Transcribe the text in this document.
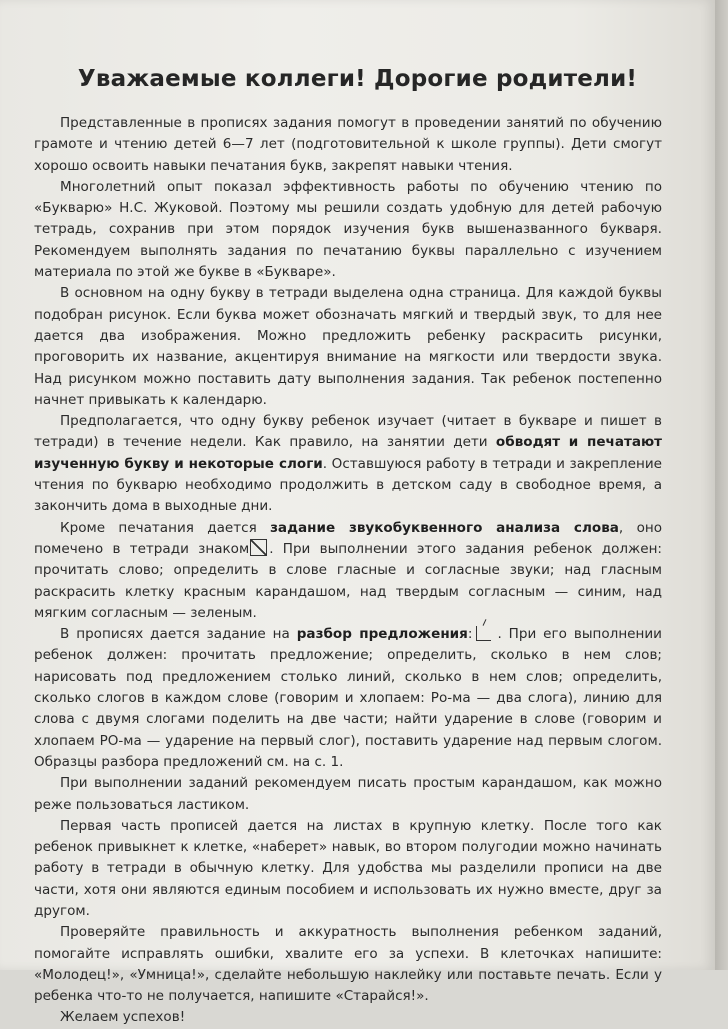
Уважаемые коллеги! Дорогие родители!

Представленные в прописях задания помогут в проведении занятий по обучению грамоте и чтению детей 6—7 лет (подготовительной к школе группы). Дети смогут хорошо освоить навыки печатания букв, закрепят навыки чтения.

Многолетний опыт показал эффективность работы по обучению чтению по «Букварю» Н.С. Жуковой. Поэтому мы решили создать удобную для детей рабочую тетрадь, сохранив при этом порядок изучения букв вышеназванного букваря. Рекомендуем выполнять задания по печатанию буквы параллельно с изучением материала по этой же букве в «Букваре».

В основном на одну букву в тетради выделена одна страница. Для каждой буквы подобран рисунок. Если буква может обозначать мягкий и твердый звук, то для нее дается два изображения. Можно предложить ребенку раскрасить рисунки, проговорить их название, акцентируя внимание на мягкости или твердости звука. Над рисунком можно поставить дату выполнения задания. Так ребенок постепенно начнет привыкать к календарю.

Предполагается, что одну букву ребенок изучает (читает в букваре и пишет в тетради) в течение недели. Как правило, на занятии дети обводят и печатают изученную букву и некоторые слоги. Оставшуюся работу в тетради и закрепление чтения по букварю необходимо продолжить в детском саду в свободное время, а закончить дома в выходные дни.

Кроме печатания дается задание звукобуквенного анализа слова, оно помечено в тетради знаком . При выполнении этого задания ребенок должен: прочитать слово; определить в слове гласные и согласные звуки; над гласным раскрасить клетку красным карандашом, над твердым согласным — синим, над мягким согласным — зеленым.

В прописях дается задание на разбор предложения: . При его выполнении ребенок должен: прочитать предложение; определить, сколько в нем слов; нарисовать под предложением столько линий, сколько в нем слов; определить, сколько слогов в каждом слове (говорим и хлопаем: Ро-ма — два слога), линию для слова с двумя слогами поделить на две части; найти ударение в слове (говорим и хлопаем РО-ма — ударение на первый слог), поставить ударение над первым слогом. Образцы разбора предложений см. на с. 1.

При выполнении заданий рекомендуем писать простым карандашом, как можно реже пользоваться ластиком.

Первая часть прописей дается на листах в крупную клетку. После того как ребенок привыкнет к клетке, «наберет» навык, во втором полугодии можно начинать работу в тетради в обычную клетку. Для удобства мы разделили прописи на две части, хотя они являются единым пособием и использовать их нужно вместе, друг за другом.

Проверяйте правильность и аккуратность выполнения ребенком заданий, помогайте исправлять ошибки, хвалите его за успехи. В клеточках напишите: «Молодец!», «Умница!», сделайте небольшую наклейку или поставьте печать. Если у ребенка что-то не получается, напишите «Старайся!».

Желаем успехов!
